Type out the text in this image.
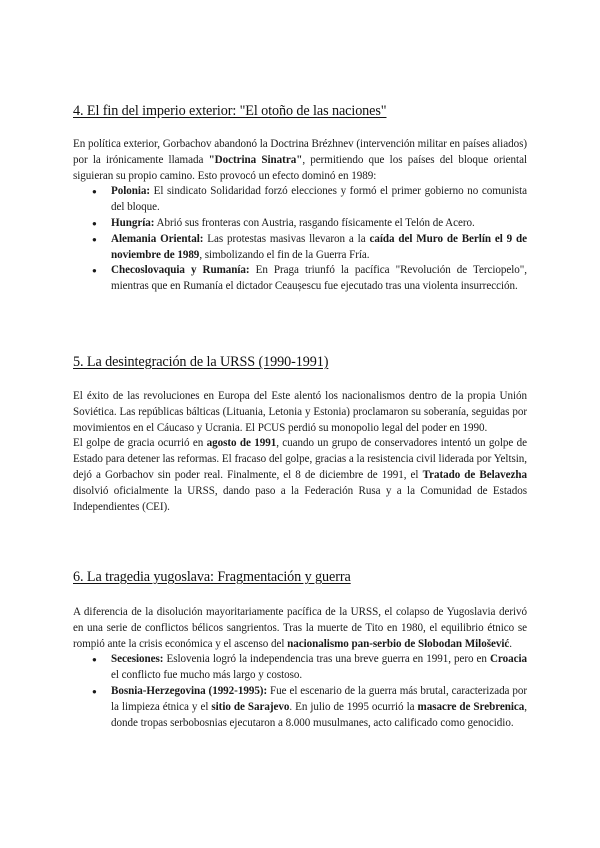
4. El fin del imperio exterior: "El otoño de las naciones"

En política exterior, Gorbachov abandonó la Doctrina Brézhnev (intervención militar en países aliados) por la irónicamente llamada "Doctrina Sinatra", permitiendo que los países del bloque oriental siguieran su propio camino. Esto provocó un efecto dominó en 1989:

● Polonia: El sindicato Solidaridad forzó elecciones y formó el primer gobierno no comunista del bloque.
● Hungría: Abrió sus fronteras con Austria, rasgando físicamente el Telón de Acero.
● Alemania Oriental: Las protestas masivas llevaron a la caída del Muro de Berlín el 9 de noviembre de 1989, simbolizando el fin de la Guerra Fría.
● Checoslovaquia y Rumanía: En Praga triunfó la pacífica "Revolución de Terciopelo", mientras que en Rumanía el dictador Ceaușescu fue ejecutado tras una violenta insurrección.
5. La desintegración de la URSS (1990-1991)

El éxito de las revoluciones en Europa del Este alentó los nacionalismos dentro de la propia Unión Soviética. Las repúblicas bálticas (Lituania, Letonia y Estonia) proclamaron su soberanía, seguidas por movimientos en el Cáucaso y Ucrania. El PCUS perdió su monopolio legal del poder en 1990.

El golpe de gracia ocurrió en agosto de 1991, cuando un grupo de conservadores intentó un golpe de Estado para detener las reformas. El fracaso del golpe, gracias a la resistencia civil liderada por Yeltsin, dejó a Gorbachov sin poder real. Finalmente, el 8 de diciembre de 1991, el Tratado de Belavezha disolvió oficialmente la URSS, dando paso a la Federación Rusa y a la Comunidad de Estados Independientes (CEI).

6. La tragedia yugoslava: Fragmentación y guerra

A diferencia de la disolución mayoritariamente pacífica de la URSS, el colapso de Yugoslavia derivó en una serie de conflictos bélicos sangrientos. Tras la muerte de Tito en 1980, el equilibrio étnico se rompió ante la crisis económica y el ascenso del nacionalismo pan-serbio de Slobodan Milošević.

● Secesiones: Eslovenia logró la independencia tras una breve guerra en 1991, pero en Croacia el conflicto fue mucho más largo y costoso.
● Bosnia-Herzegovina (1992-1995): Fue el escenario de la guerra más brutal, caracterizada por la limpieza étnica y el sitio de Sarajevo. En julio de 1995 ocurrió la masacre de Srebrenica, donde tropas serbobosnias ejecutaron a 8.000 musulmanes, acto calificado como genocidio.
